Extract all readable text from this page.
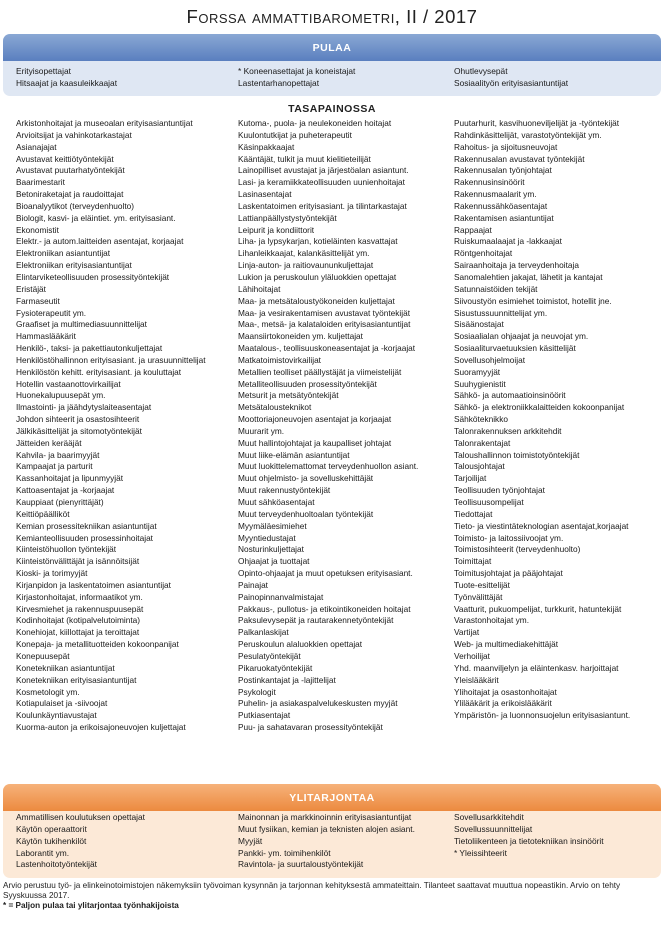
Forssa ammattibarometri, II / 2017
PULAA
Erityisopettajat
Hitsaajat ja kaasuleikkaajat
* Koneenasettajat ja koneistajat
Lastentarhanopettajat
Ohutlevysepät
Sosiaalityön erityisasiantuntijat
TASAPAINOSSA
Arkistonhoitajat ja museoalan erityisasiantuntijat
Arvioitsijat ja vahinkotarkastajat
Asianajajat
Avustavat keittiötyöntekijät
Avustavat puutarhatyöntekijät
Baarimestarit
Betoniraketajat ja raudoittajat
Bioanalyytikot (terveydenhuolto)
Biologit, kasvi- ja eläintiet. ym. erityisasiant.
Ekonomistit
Elektr.- ja autom.laitteiden asentajat, korjaajat
Elektroniikan asiantuntijat
Elektroniikan erityisasiantuntijat
Elintarviketeollisuuden prosessityöntekijät
Eristäjät
Farmaseutit
Fysioterapeutit ym.
Graafiset ja multimediasuunnittelijat
Hammaslääkärit
Henkilö-, taksi- ja pakettiautonkuljettajat
Henkilöstöhallinnon erityisasiant. ja urasuunnittelijat
Henkilöstön kehitt. erityisasiant. ja kouluttajat
Hotellin vastaanottovirkailijat
Huonekalupuusepät ym.
Ilmastointi- ja jäähdytyslaiteasentajat
Johdon sihteerit ja osastosihteerit
Jälkikäsittelijät ja sitomotyöntekijät
Jätteiden kerääjät
Kahvila- ja baarimyyjät
Kampaajat ja parturit
Kassanhoitajat ja lipunmyyjät
Kattoasentajat ja -korjaajat
Kauppiaat (pienyrittäjät)
Keittiöpäälliköt
Kemian prosessitekniikan asiantuntijat
Kemianteollisuuden prosessinhoitajat
Kiinteistöhuollon työntekijät
Kiinteistönvälittäjät ja isännöitsijät
Kioski- ja torimyyjät
Kirjanpidon ja laskentatoimen asiantuntijat
Kirjastonhoitajat, informaatikot ym.
Kirvesmiehet ja rakennuspuusepät
Kodinhoitajat (kotipalvelutoiminta)
Konehiojat, kiillottajat ja teroittajat
Konepaja- ja metallituotteiden kokoonpanijat
Konepuusepät
Konetekniikan asiantuntijat
Konetekniikan erityisasiantuntijat
Kosmetologit ym.
Kotiapulaiset ja -siivoojat
Koulunkäyntiavustajat
Kuorma-auton ja erikoisajoneuvojen kuljettajat
Kutoma-, puola- ja neulekoneiden hoitajat
Kuulontutkijat ja puheterapeutit
Käsinpakkaajat
Kääntäjät, tulkit ja muut kielitieteilijät
Lainopilliset avustajat ja järjestöalan asiantunt.
Lasi- ja keramiikkateollisuuden uunienhoitajat
Lasinasentajat
Laskentatoimen erityisasiant. ja tilintarkastajat
Lattianpäällystystyöntekijät
Leipurit ja kondiittorit
Liha- ja lypsykarjan, kotieläinten kasvattajat
Lihanleikkaajat, kalankäsittelijät ym.
Linja-auton- ja raitiovaununkuljettajat
Lukion ja peruskoulun yläluokkien opettajat
Lähihoitajat
Maa- ja metsätaloustyökoneiden kuljettajat
Maa- ja vesirakentamisen avustavat työntekijät
Maa-, metsä- ja kalataloiden erityisasiantuntijat
Maansiirtokoneiden ym. kuljettajat
Maatalous-, teollisuuskoneasentajat ja -korjaajat
Matkatoimistovirkailijat
Metallien teolliset päällystäjät ja viimeistelijät
Metalliteollisuuden prosessityöntekijät
Metsurit ja metsätyöntekijät
Metsätalousteknikot
Moottoriajoneuvojen asentajat ja korjaajat
Muurarit ym.
Muut hallintojohtajat ja kaupalliset johtajat
Muut liike-elämän asiantuntijat
Muut luokittelemattomat terveydenhuollon asiant.
Muut ohjelmisto- ja sovelluskehittäjät
Muut rakennustyöntekijät
Muut sähköasentajat
Muut terveydenhuoltoalan työntekijät
Myymäläesimiehet
Myyntiedustajat
Nosturinkuljettajat
Ohjaajat ja tuottajat
Opinto-ohjaajat ja muut opetuksen erityisasiant.
Painajat
Painopinnanvalmistajat
Pakkaus-, pullotus- ja etikointikoneiden hoitajat
Paksulevysepät ja rautarakennetyöntekijät
Palkanlaskijat
Peruskoulun alaluokkien opettajat
Pesulatyöntekijät
Pikaruokatyöntekijät
Postinkantajat ja -lajittelijat
Psykologit
Puhelin- ja asiakaspalvelukeskusten myyjät
Putkiasentajat
Puu- ja sahatavaran prosessityöntekijät
Puutarhurit, kasvihuoneviljelijät ja -työntekijät
Rahdinkäsittelijät, varastotyöntekijät ym.
Rahoitus- ja sijoitusneuvojat
Rakennusalan avustavat työntekijät
Rakennusalan työnjohtajat
Rakennusinsinöörit
Rakennusmaalarit ym.
Rakennussähköasentajat
Rakentamisen asiantuntijat
Rappaajat
Ruiskumaalaajat ja -lakkaajat
Röntgenhoitajat
Sairaanhoitaja ja terveydenhoitaja
Sanomalehtien jakajat, lähetit ja kantajat
Satunnaistöiden tekijät
Siivoustyön esimiehet toimistot, hotellit jne.
Sisustussuunnittelijat ym.
Sisäänostajat
Sosiaalialan ohjaajat ja neuvojat ym.
Sosiaaliturvaetuuksien käsittelijät
Sovellusohjelmoijat
Suoramyyjät
Suuhygienistit
Sähkö- ja automaatioinsinöörit
Sähkö- ja elektroniikkalaitteiden kokoonpanijat
Sähköteknikko
Talonrakennuksen arkkitehdit
Talonrakentajat
Taloushallinnon toimistotyöntekijät
Talousjohtajat
Tarjoilijat
Teollisuuden työnjohtajat
Teollisuusompelijat
Tiedottajat
Tieto- ja viestintäteknologian asentajat,korjaajat
Toimisto- ja laitossiivoojat ym.
Toimistosihteerit (terveydenhuolto)
Toimittajat
Toimitusjohtajat ja pääjohtajat
Tuote-esittelijät
Työnvälittäjät
Vaatturit, pukuompelijat, turkkurit, hatuntekijät
Varastonhoitajat ym.
Vartijat
Web- ja multimediakehittäjät
Verhoilijat
Yhd. maanviljelyn ja eläintenkasv. harjoittajat
Yleislääkärit
Ylihoitajat ja osastonhoitajat
Ylilääkärit ja erikoislääkärit
Ympäristön- ja luonnonsuojelun erityisasiantunt.
YLITARJONTAA
Ammatillisen koulutuksen opettajat
Käytön operaattorit
Käytön tukihenkilöt
Laborantit ym.
Lastenhoitotyöntekijät
Mainonnan ja markkinoinnin erityisasiantuntijat
Muut fysiikan, kemian ja teknisten alojen asiant.
Myyjät
Pankki- ym. toimihenkilöt
Ravintola- ja suurtaloustyöntekijät
Sovellusarkkitehdit
Sovellussuunnittelijat
Tietoliikenteen ja tietotekniikan insinöörit
* Yleissihteerit
Arvio perustuu työ- ja elinkeinotoimistojen näkemyksiin työvoiman kysynnän ja tarjonnan kehityksestä ammateittain. Tilanteet saattavat muuttua nopeastikin. Arvio on tehty Syyskuussa 2017.
* = Paljon pulaa tai ylitarjontaa työnhakijoista
